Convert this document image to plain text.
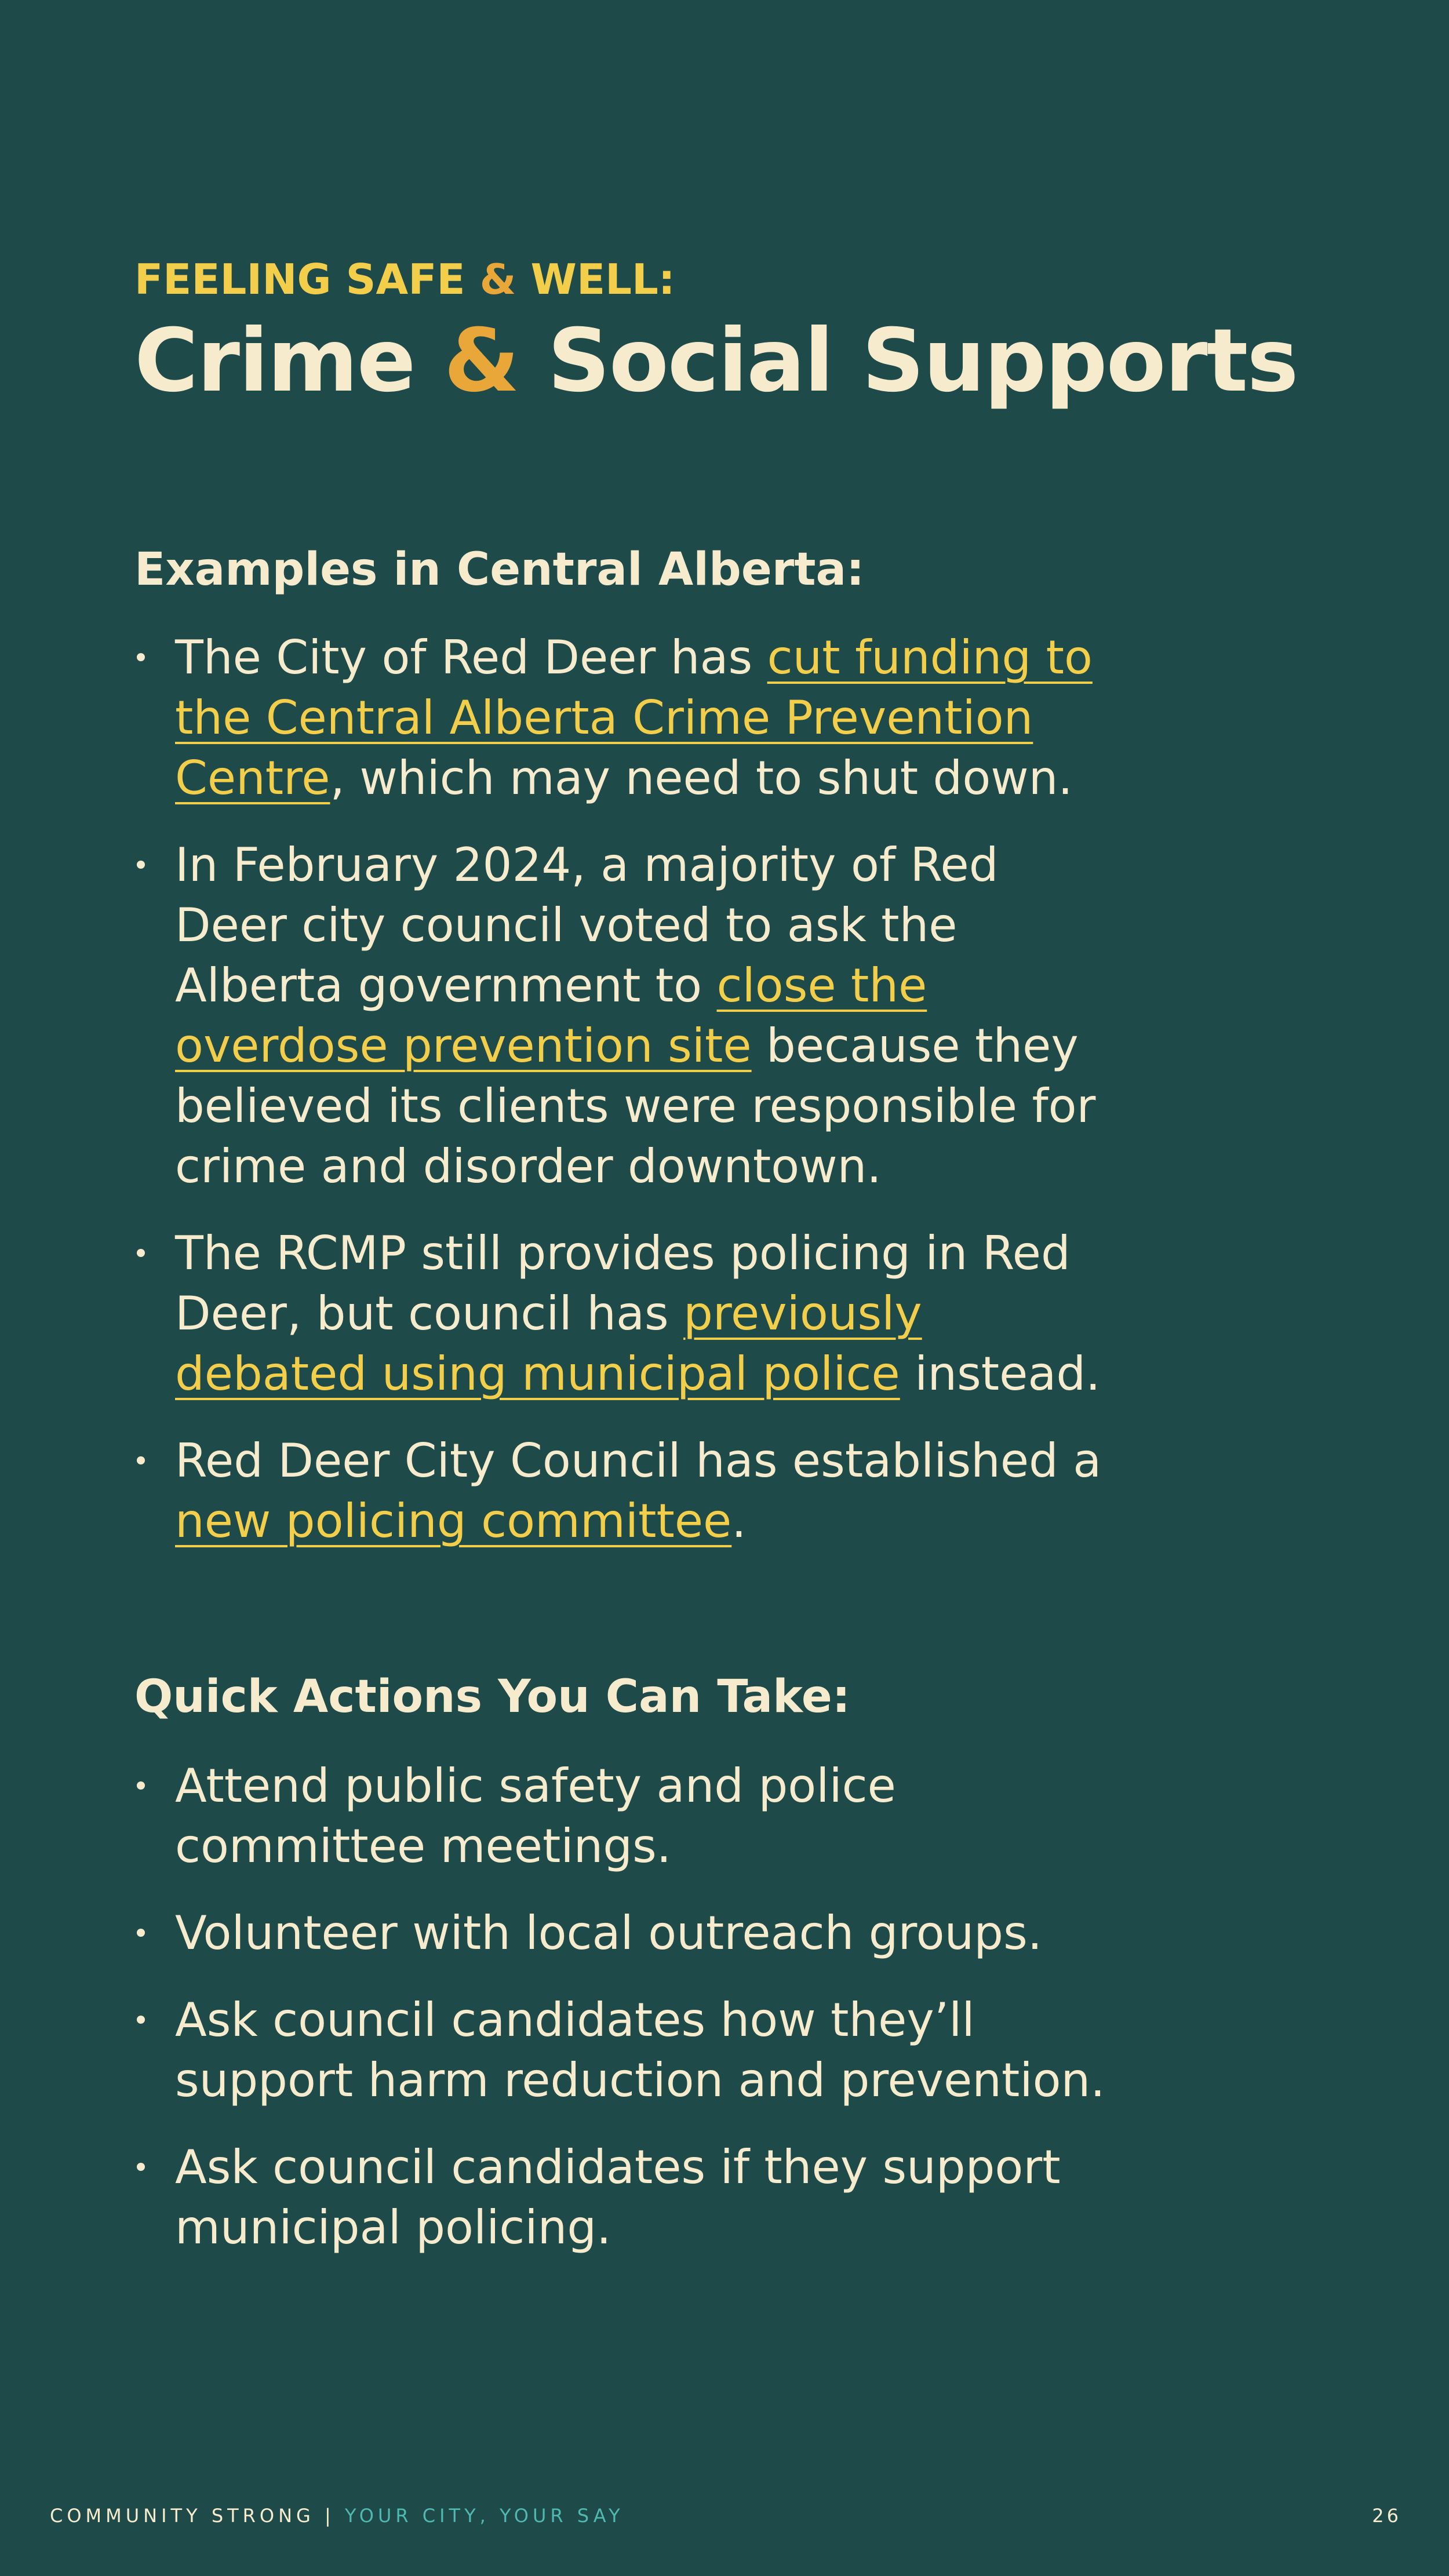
FEELING SAFE & WELL:
Crime & Social Supports
Examples in Central Alberta:
The City of Red Deer has cut funding to the Central Alberta Crime Prevention Centre, which may need to shut down.
In February 2024, a majority of Red Deer city council voted to ask the Alberta government to close the overdose prevention site because they believed its clients were responsible for crime and disorder downtown.
The RCMP still provides policing in Red Deer, but council has previously debated using municipal police instead.
Red Deer City Council has established a new policing committee.
Quick Actions You Can Take:
Attend public safety and police committee meetings.
Volunteer with local outreach groups.
Ask council candidates how they’ll support harm reduction and prevention.
Ask council candidates if they support municipal policing.
COMMUNITY STRONG | YOUR CITY, YOUR SAY	26
